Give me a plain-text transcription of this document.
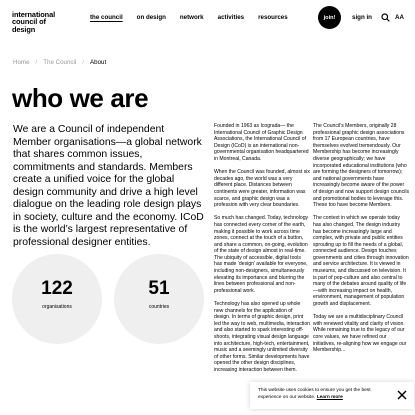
international
council of
design
the council on design network activities resources	join!	sign in	AA
Home / The Council / About
who we are
We are a Council of independent Member organisations—a global network that shares common issues, commitments and standards. Members create a unified voice for the global design community and drive a high level dialogue on the leading role design plays in society, culture and the economy. ICoD is the world’s largest representative of professional designer entities.
122
organisations
51
countries

Founded in 1963 as Icograda— the International Council of Graphic Design Associations, the International Council of Design (ICoD) is an international non-governmental organisation headquartered in Montreal, Canada.

When the Council was founded, almost six decades ago, the world was a very different place. Distances between continents were greater, information was scarce, and graphic design was a profession with very clear boundaries.

So much has changed. Today, technology has connected every corner of the earth, making it possible to work across time zones, connect at the touch of a button, and share a common, on-going, evolution of the state of design almost in real-time. The ubiquity of accessible, digital tools has made ‘design’ available for everyone, including non-designers, simultaneously elevating its importance and blurring the lines between professional and non-professional work.

Technology has also opened up whole new channels for the application of design. In terms of graphic design, print led the way to web, multimedia, interaction and also started to spark interesting off-shoots, integrating visual design language into architecture, high-tech, entertainment, music and a seemingly unlimited diversity of other forms. Similar developments have opened the other design disciplines, increasing interaction between them.

The Council’s Members, originally 28 professional graphic design associations from 17 European countries, have themselves evolved tremendously. Our Membership has become increasingly diverse geographically; we have incorporated educational institutions (who are forming the designers of tomorrow); and national governments have increasingly become aware of the power of design and now support design councils and promotional bodies to leverage this. These too have become Members.

The context in which we operate today has also changed. The design industry has become increasingly large and complex, with private and public entities sprouting up to fill the needs of a global, connected audience. Design touches governments and cities through innovation and service architecture. It is viewed in museums, and discussed on television. It is part of pop-culture and also central to many of the debates around quality of life—with increasing impact on health, environment, management of population growth and displacement.

Today we are a multidisciplinary Council with renewed vitality and clarity of vision. While remaining true to the legacy of our core values, we have refined our initiatives, re-aligning how we engage our Membership...

This website uses cookies to ensure you get the best experience on our website. Learn more
